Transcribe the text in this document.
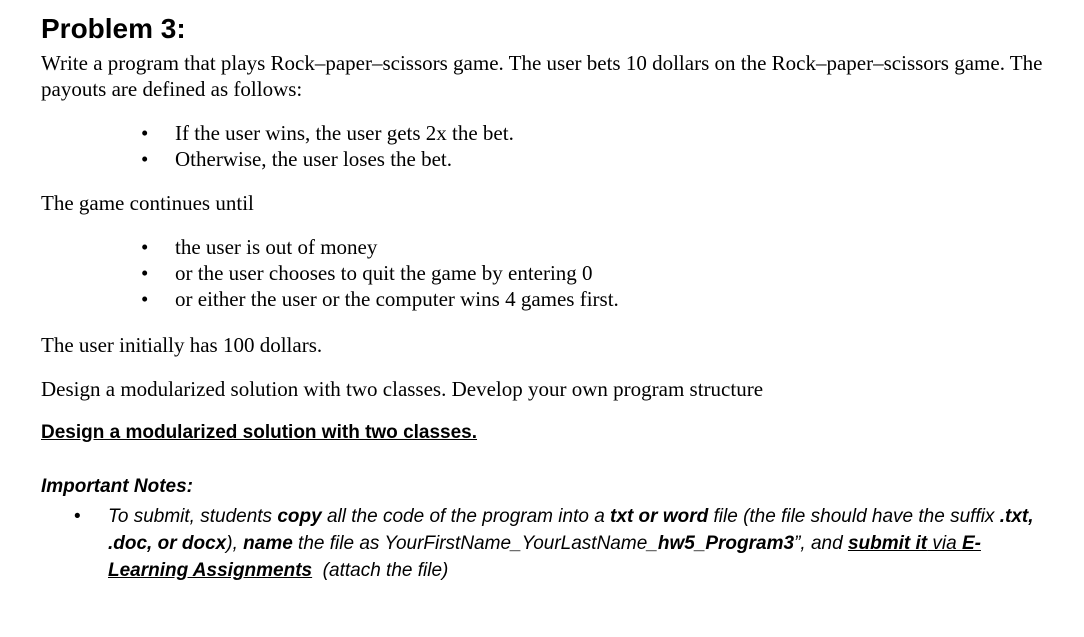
Problem 3:

Write a program that plays Rock–paper–scissors game. The user bets 10 dollars on the Rock–paper–scissors game. The payouts are defined as follows:

• If the user wins, the user gets 2x the bet.
• Otherwise, the user loses the bet.

The game continues until

• the user is out of money
• or the user chooses to quit the game by entering 0
• or either the user or the computer wins 4 games first.

The user initially has 100 dollars.

Design a modularized solution with two classes. Develop your own program structure

Design a modularized solution with two classes.

Important Notes:

• To submit, students copy all the code of the program into a txt or word file (the file should have the suffix .txt, .doc, or docx), name the file as YourFirstName_YourLastName_hw5_Program3”, and submit it via E-Learning Assignments  (attach the file)
